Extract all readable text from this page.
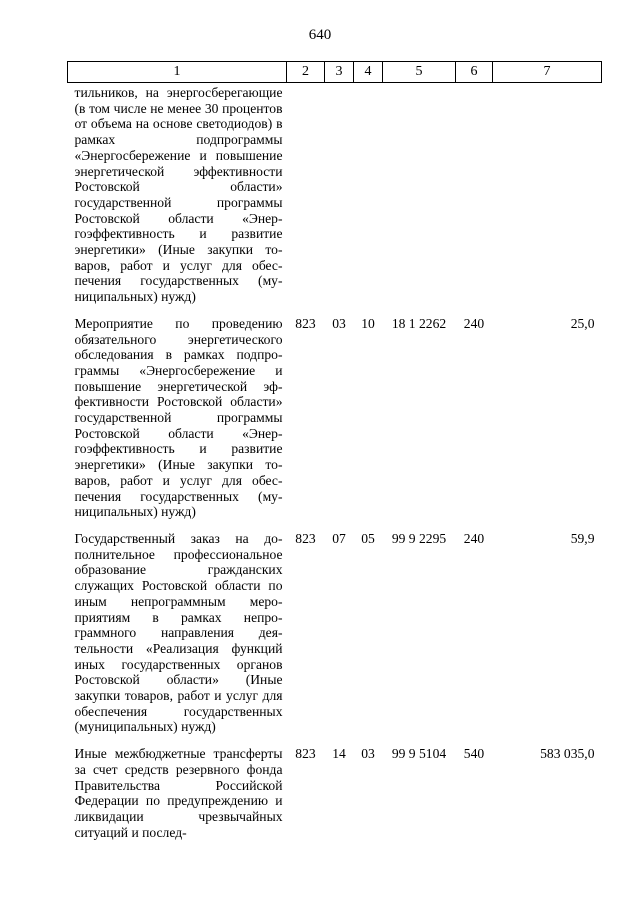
640
1	2	3	4	5	6	7
тильников, на энергосберегающие (в том числе не менее 30 процентов от объема на основе светодиодов) в рамках подпрограммы «Энергосбережение и повышение энергетической эффективности Ростовской области» государственной программы Ростовской области «Энергоэффективность и развитие энергетики» (Иные закупки товаров, работ и услуг для обеспечения государственных (муниципальных) нужд)						
Мероприятие по проведению обязательного энергетического обследования в рамках подпрограммы «Энергосбережение и повышение энергетической эффективности Ростовской области» государственной программы Ростовской области «Энергоэффективность и развитие энергетики» (Иные закупки товаров, работ и услуг для обеспечения государственных (муниципальных) нужд)	823	03	10	18 1 2262	240	25,0
Государственный заказ на дополнительное профессиональное образование гражданских служащих Ростовской области по иным непрограммным мероприятиям в рамках непрограммного направления деятельности «Реализация функций иных государственных органов Ростовской области» (Иные закупки товаров, работ и услуг для обеспечения государственных (муниципальных) нужд)	823	07	05	99 9 2295	240	59,9
Иные межбюджетные трансферты за счет средств резервного фонда Правительства Российской Федерации по предупреждению и ликвидации чрезвычайных ситуаций и послед-	823	14	03	99 9 5104	540	583 035,0
